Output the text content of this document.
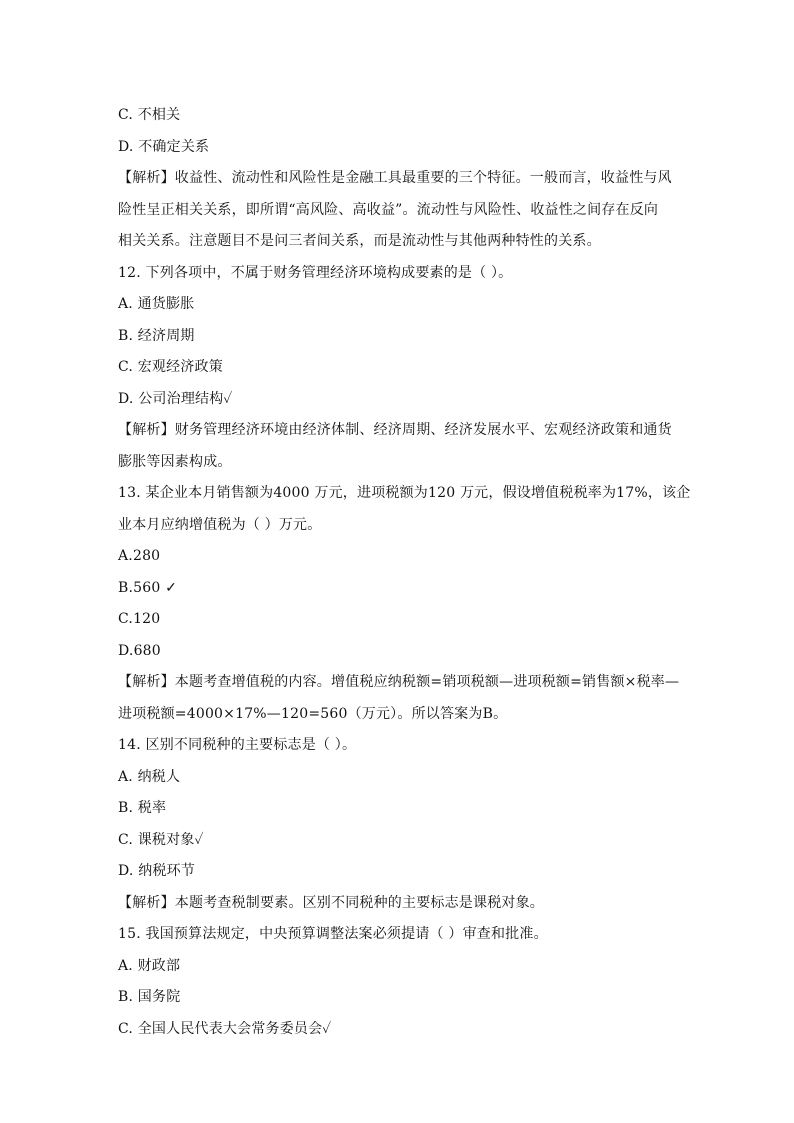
C. 不相关
D. 不确定关系
【解析】收益性、流动性和风险性是金融工具最重要的三个特征。一般而言，收益性与风
险性呈正相关关系，即所谓“高风险、高收益”。流动性与风险性、收益性之间存在反向
相关关系。注意题目不是问三者间关系，而是流动性与其他两种特性的关系。
12. 下列各项中，不属于财务管理经济环境构成要素的是（ ）。
A. 通货膨胀
B. 经济周期
C. 宏观经济政策
D. 公司治理结构✓
【解析】财务管理经济环境由经济体制、经济周期、经济发展水平、宏观经济政策和通货
膨胀等因素构成。
13. 某企业本月销售额为4000 万元，进项税额为120 万元，假设增值税税率为17%，该企
业本月应纳增值税为（ ）万元。
A.280
B.560 ✓
C.120
D.680
【解析】本题考查增值税的内容。增值税应纳税额=销项税额—进项税额=销售额×税率—
进项税额=4000×17%—120=560（万元）。所以答案为B。
14. 区别不同税种的主要标志是（ ）。
A. 纳税人
B. 税率
C. 课税对象✓
D. 纳税环节
【解析】本题考查税制要素。区别不同税种的主要标志是课税对象。
15. 我国预算法规定，中央预算调整法案必须提请（ ）审查和批准。
A. 财政部
B. 国务院
C. 全国人民代表大会常务委员会✓
